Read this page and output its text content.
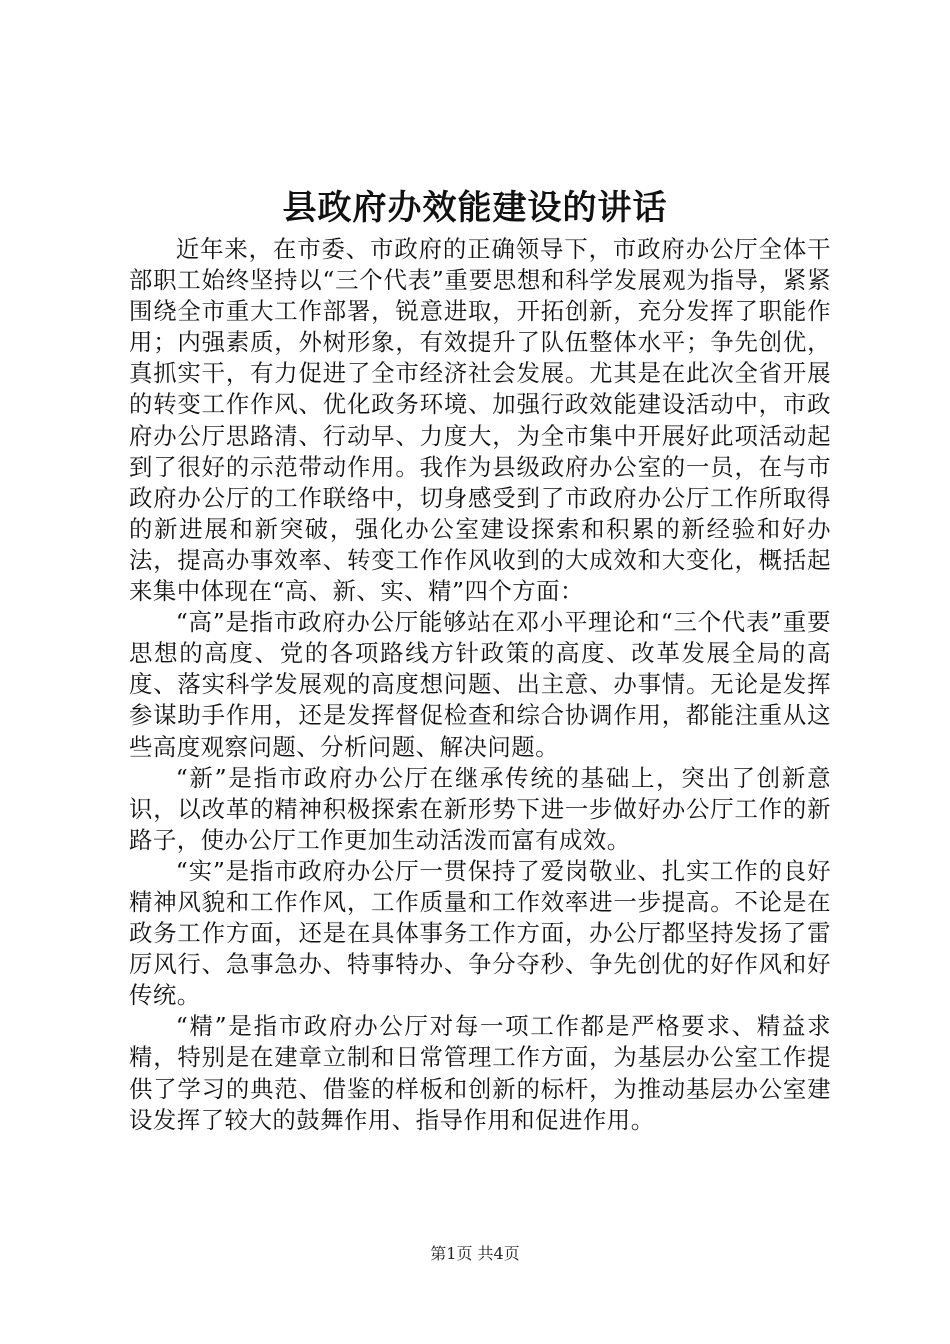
县政府办效能建设的讲话

近年来，在市委、市政府的正确领导下，市政府办公厅全体干部职工始终坚持以“三个代表”重要思想和科学发展观为指导，紧紧围绕全市重大工作部署，锐意进取，开拓创新，充分发挥了职能作用；内强素质，外树形象，有效提升了队伍整体水平；争先创优，真抓实干，有力促进了全市经济社会发展。尤其是在此次全省开展的转变工作作风、优化政务环境、加强行政效能建设活动中，市政府办公厅思路清、行动早、力度大，为全市集中开展好此项活动起到了很好的示范带动作用。我作为县级政府办公室的一员，在与市政府办公厅的工作联络中，切身感受到了市政府办公厅工作所取得的新进展和新突破，强化办公室建设探索和积累的新经验和好办法，提高办事效率、转变工作作风收到的大成效和大变化，概括起来集中体现在“高、新、实、精”四个方面：

“高”是指市政府办公厅能够站在邓小平理论和“三个代表”重要思想的高度、党的各项路线方针政策的高度、改革发展全局的高度、落实科学发展观的高度想问题、出主意、办事情。无论是发挥参谋助手作用，还是发挥督促检查和综合协调作用，都能注重从这些高度观察问题、分析问题、解决问题。

“新”是指市政府办公厅在继承传统的基础上，突出了创新意识，以改革的精神积极探索在新形势下进一步做好办公厅工作的新路子，使办公厅工作更加生动活泼而富有成效。

“实”是指市政府办公厅一贯保持了爱岗敬业、扎实工作的良好精神风貌和工作作风，工作质量和工作效率进一步提高。不论是在政务工作方面，还是在具体事务工作方面，办公厅都坚持发扬了雷厉风行、急事急办、特事特办、争分夺秒、争先创优的好作风和好传统。

“精”是指市政府办公厅对每一项工作都是严格要求、精益求精，特别是在建章立制和日常管理工作方面，为基层办公室工作提供了学习的典范、借鉴的样板和创新的标杆，为推动基层办公室建设发挥了较大的鼓舞作用、指导作用和促进作用。

第1页 共4页
